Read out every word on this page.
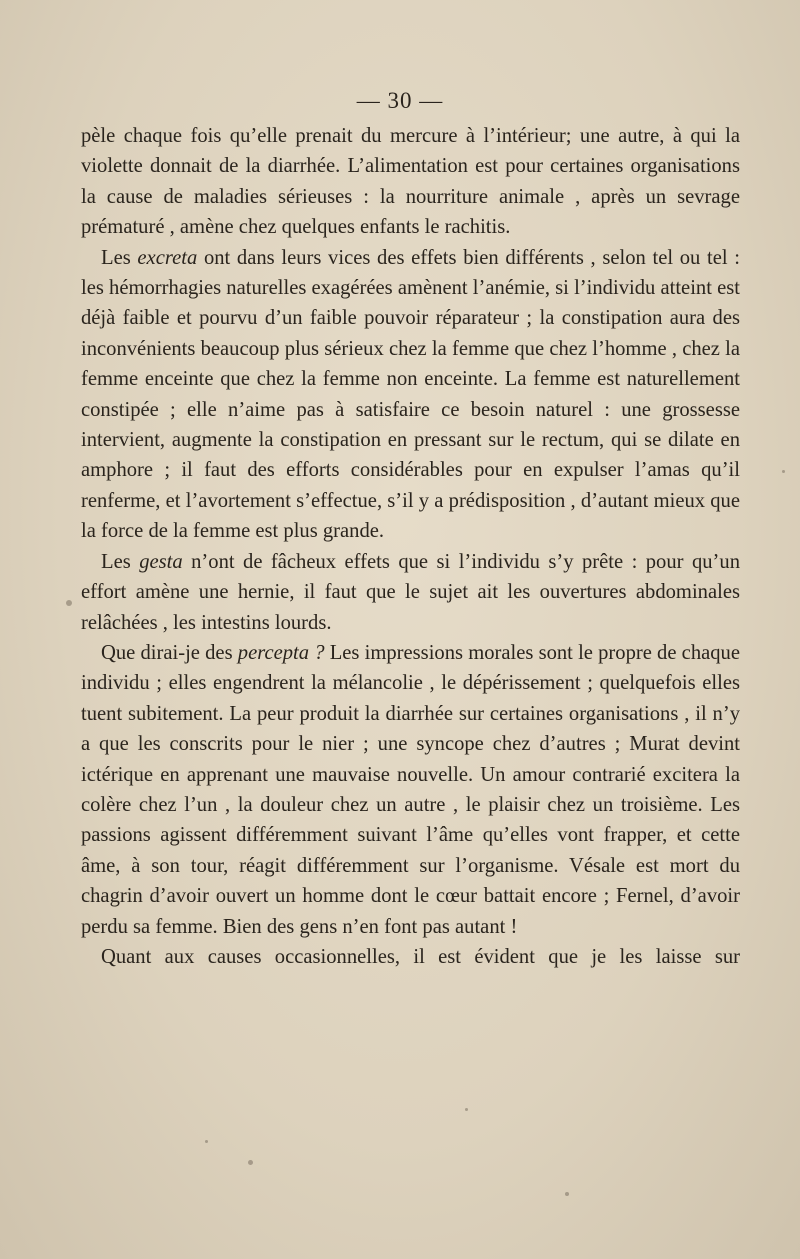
— 30 —

pèle chaque fois qu’elle prenait du mercure à l’intérieur; une autre, à qui la violette donnait de la diarrhée. L’alimentation est pour certaines organisations la cause de maladies sérieuses : la nourriture animale , après un sevrage prématuré , amène chez quelques enfants le rachitis.

Les excreta ont dans leurs vices des effets bien différents , selon tel ou tel : les hémorrhagies naturelles exagérées amènent l’anémie, si l’individu atteint est déjà faible et pourvu d’un faible pouvoir réparateur ; la constipation aura des inconvénients beaucoup plus sérieux chez la femme que chez l’homme , chez la femme enceinte que chez la femme non enceinte. La femme est naturellement constipée ; elle n’aime pas à satisfaire ce besoin naturel : une grossesse intervient, augmente la constipation en pressant sur le rectum, qui se dilate en amphore ; il faut des efforts considérables pour en expulser l’amas qu’il renferme, et l’avortement s’effectue, s’il y a prédisposition , d’autant mieux que la force de la femme est plus grande.

Les gesta n’ont de fâcheux effets que si l’individu s’y prête : pour qu’un effort amène une hernie, il faut que le sujet ait les ouvertures abdominales relâchées , les intestins lourds.

Que dirai-je des percepta ? Les impressions morales sont le propre de chaque individu ; elles engendrent la mélancolie , le dépérissement ; quelquefois elles tuent subitement. La peur produit la diarrhée sur certaines organisations , il n’y a que les conscrits pour le nier ; une syncope chez d’autres ; Murat devint ictérique en apprenant une mauvaise nouvelle. Un amour contrarié excitera la colère chez l’un , la douleur chez un autre , le plaisir chez un troisième. Les passions agissent différemment suivant l’âme qu’elles vont frapper, et cette âme, à son tour, réagit différemment sur l’organisme. Vésale est mort du chagrin d’avoir ouvert un homme dont le cœur battait encore ; Fernel, d’avoir perdu sa femme. Bien des gens n’en font pas autant !

Quant aux causes occasionnelles, il est évident que je les laisse sur
